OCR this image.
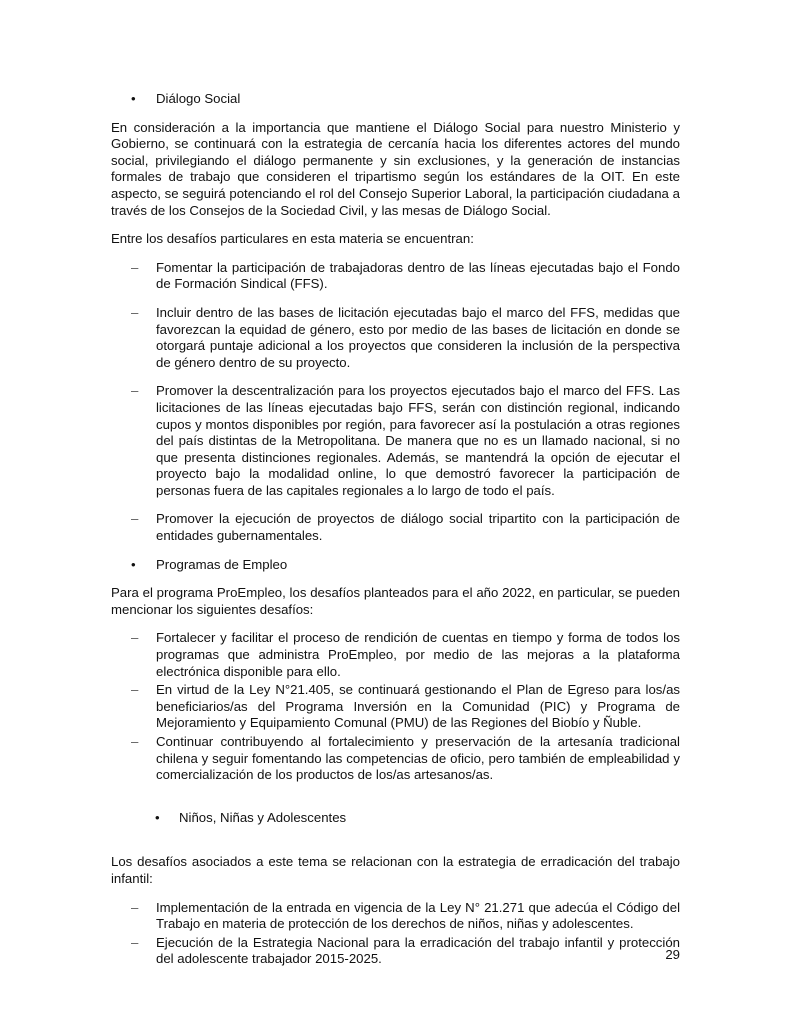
• Diálogo Social

En consideración a la importancia que mantiene el Diálogo Social para nuestro Ministerio y Gobierno, se continuará con la estrategia de cercanía hacia los diferentes actores del mundo social, privilegiando el diálogo permanente y sin exclusiones, y la generación de instancias formales de trabajo que consideren el tripartismo según los estándares de la OIT. En este aspecto, se seguirá potenciando el rol del Consejo Superior Laboral, la participación ciudadana a través de los Consejos de la Sociedad Civil, y las mesas de Diálogo Social.

Entre los desafíos particulares en esta materia se encuentran:

– Fomentar la participación de trabajadoras dentro de las líneas ejecutadas bajo el Fondo de Formación Sindical (FFS).
– Incluir dentro de las bases de licitación ejecutadas bajo el marco del FFS, medidas que favorezcan la equidad de género, esto por medio de las bases de licitación en donde se otorgará puntaje adicional a los proyectos que consideren la inclusión de la perspectiva de género dentro de su proyecto.
– Promover la descentralización para los proyectos ejecutados bajo el marco del FFS. Las licitaciones de las líneas ejecutadas bajo FFS, serán con distinción regional, indicando cupos y montos disponibles por región, para favorecer así la postulación a otras regiones del país distintas de la Metropolitana. De manera que no es un llamado nacional, si no que presenta distinciones regionales. Además, se mantendrá la opción de ejecutar el proyecto bajo la modalidad online, lo que demostró favorecer la participación de personas fuera de las capitales regionales a lo largo de todo el país.
– Promover la ejecución de proyectos de diálogo social tripartito con la participación de entidades gubernamentales.
• Programas de Empleo

Para el programa ProEmpleo, los desafíos planteados para el año 2022, en particular, se pueden mencionar los siguientes desafíos:

– Fortalecer y facilitar el proceso de rendición de cuentas en tiempo y forma de todos los programas que administra ProEmpleo, por medio de las mejoras a la plataforma electrónica disponible para ello.
– En virtud de la Ley N°21.405, se continuará gestionando el Plan de Egreso para los/as beneficiarios/as del Programa Inversión en la Comunidad (PIC) y Programa de Mejoramiento y Equipamiento Comunal (PMU) de las Regiones del Biobío y Ñuble.
– Continuar contribuyendo al fortalecimiento y preservación de la artesanía tradicional chilena y seguir fomentando las competencias de oficio, pero también de empleabilidad y comercialización de los productos de los/as artesanos/as.
• Niños, Niñas y Adolescentes

Los desafíos asociados a este tema se relacionan con la estrategia de erradicación del trabajo infantil:

– Implementación de la entrada en vigencia de la Ley N° 21.271 que adecúa el Código del Trabajo en materia de protección de los derechos de niños, niñas y adolescentes.
– Ejecución de la Estrategia Nacional para la erradicación del trabajo infantil y protección del adolescente trabajador 2015-2025.	29
